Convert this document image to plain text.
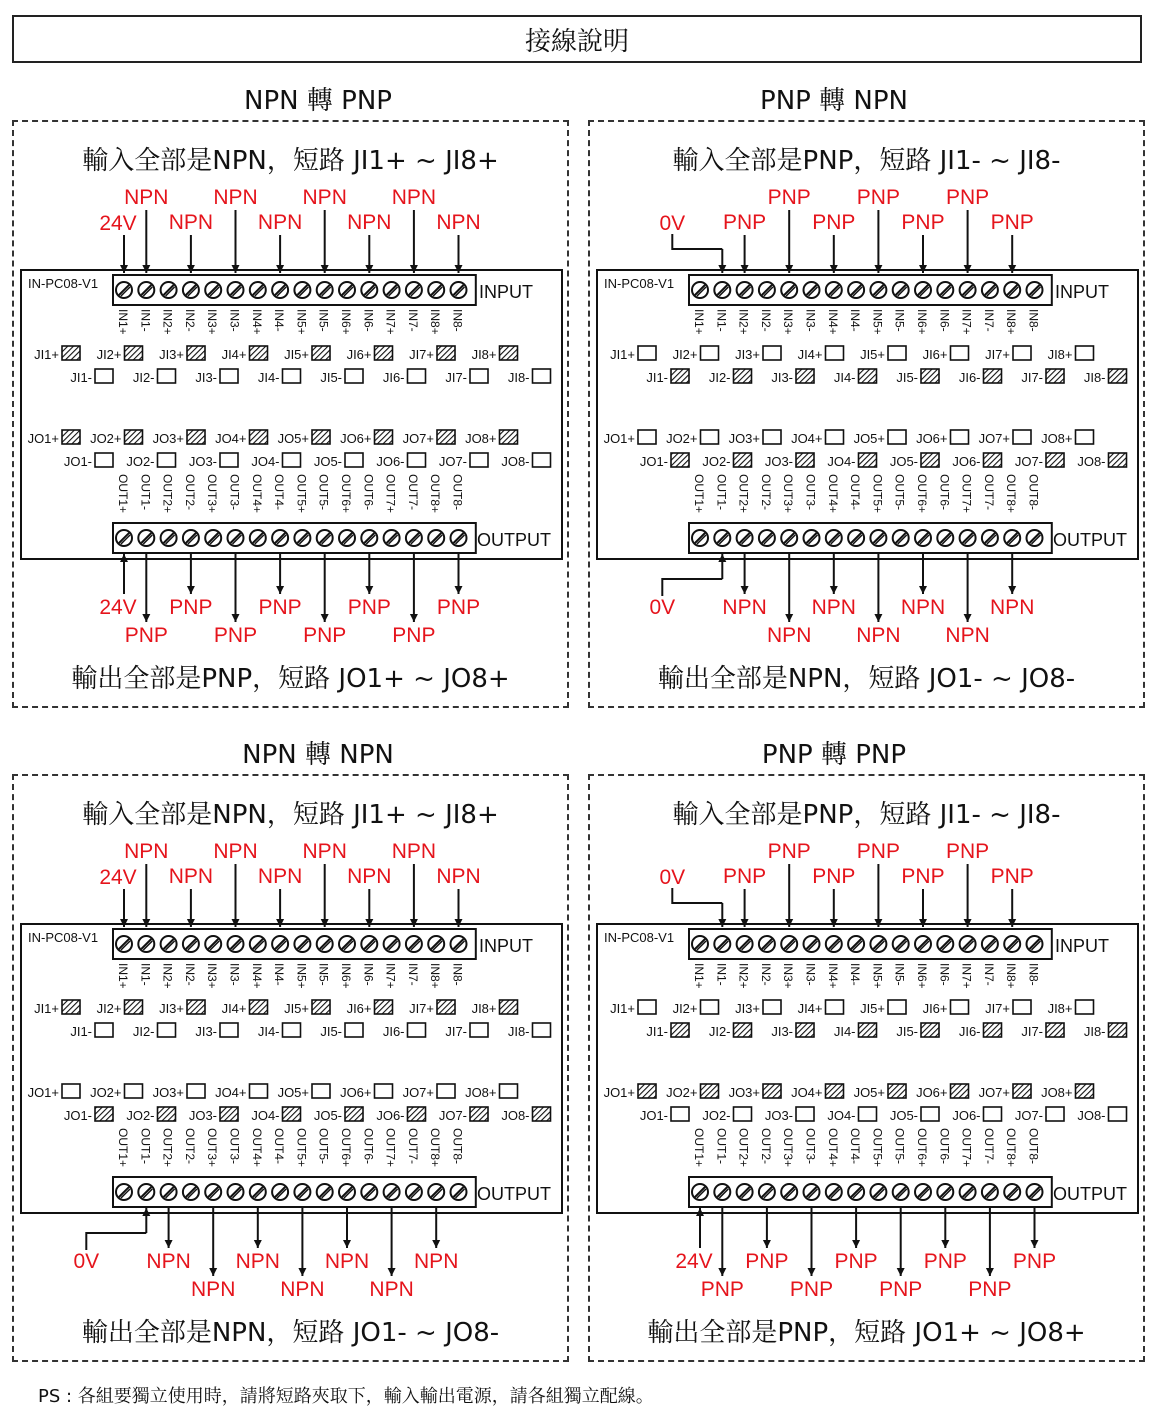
接線說明
NPN 轉 PNP	PNP 轉 NPN
NPN 轉 NPN	PNP 轉 PNP
IN-PC08-V1	INPUT
IN1+ IN1- IN2+ IN2- IN3+ IN3- IN4+ IN4- IN5+ IN5- IN6+ IN6- IN7+ IN7- IN8+ IN8-
OUTPUT
OUT1+ OUT1- OUT2+ OUT2- OUT3+ OUT3- OUT4+ OUT4- OUT5+ OUT5- OUT6+ OUT6- OUT7+ OUT7- OUT8+ OUT8-
JI1+
JI1-
JO1+
JO1-
JI2+
JI2-
JO2+
JO2-
JI3+
JI3-
JO3+
JO3-
JI4+
JI4-
JO4+
JO4-
JI5+
JI5-
JO5+
JO5-
JI6+
JI6-
JO6+
JO6-
JI7+
JI7-
JO7+
JO7-
JI8+
JI8-
JO8+
JO8-
NPN
NPN
NPN
NPN
NPN
NPN
NPN
NPN
24V
PNP
PNP
PNP
PNP
PNP
PNP
PNP
PNP
24V
輸入全部是NPN，短路 JI1+ ~ JI8+
輸出全部是PNP，短路 JO1+ ~ JO8+
IN-PC08-V1	INPUT
IN1+ IN1- IN2+ IN2- IN3+ IN3- IN4+ IN4- IN5+ IN5- IN6+ IN6- IN7+ IN7- IN8+ IN8-
OUTPUT
OUT1+ OUT1- OUT2+ OUT2- OUT3+ OUT3- OUT4+ OUT4- OUT5+ OUT5- OUT6+ OUT6- OUT7+ OUT7- OUT8+ OUT8-
JI1+
JI1-
JO1+
JO1-
JI2+
JI2-
JO2+
JO2-
JI3+
JI3-
JO3+
JO3-
JI4+
JI4-
JO4+
JO4-
JI5+
JI5-
JO5+
JO5-
JI6+
JI6-
JO6+
JO6-
JI7+
JI7-
JO7+
JO7-
JI8+
JI8-
JO8+
JO8-
PNP
PNP
PNP
PNP
PNP
PNP
PNP
0V
NPN
NPN
NPN
NPN
NPN
NPN
NPN
0V
輸入全部是PNP，短路 JI1- ~ JI8-
輸出全部是NPN，短路 JO1- ~ JO8-
IN-PC08-V1	INPUT
IN1+ IN1- IN2+ IN2- IN3+ IN3- IN4+ IN4- IN5+ IN5- IN6+ IN6- IN7+ IN7- IN8+ IN8-
OUTPUT
OUT1+ OUT1- OUT2+ OUT2- OUT3+ OUT3- OUT4+ OUT4- OUT5+ OUT5- OUT6+ OUT6- OUT7+ OUT7- OUT8+ OUT8-
JI1+
JI1-
JO1+
JO1-
JI2+
JI2-
JO2+
JO2-
JI3+
JI3-
JO3+
JO3-
JI4+
JI4-
JO4+
JO4-
JI5+
JI5-
JO5+
JO5-
JI6+
JI6-
JO6+
JO6-
JI7+
JI7-
JO7+
JO7-
JI8+
JI8-
JO8+
JO8-
NPN
NPN
NPN
NPN
NPN
NPN
NPN
NPN
24V
NPN
NPN
NPN
NPN
NPN
NPN
NPN
0V
輸入全部是NPN，短路 JI1+ ~ JI8+
輸出全部是NPN，短路 JO1- ~ JO8-
IN-PC08-V1	INPUT
IN1+ IN1- IN2+ IN2- IN3+ IN3- IN4+ IN4- IN5+ IN5- IN6+ IN6- IN7+ IN7- IN8+ IN8-
OUTPUT
OUT1+ OUT1- OUT2+ OUT2- OUT3+ OUT3- OUT4+ OUT4- OUT5+ OUT5- OUT6+ OUT6- OUT7+ OUT7- OUT8+ OUT8-
JI1+
JI1-
JO1+
JO1-
JI2+
JI2-
JO2+
JO2-
JI3+
JI3-
JO3+
JO3-
JI4+
JI4-
JO4+
JO4-
JI5+
JI5-
JO5+
JO5-
JI6+
JI6-
JO6+
JO6-
JI7+
JI7-
JO7+
JO7-
JI8+
JI8-
JO8+
JO8-
PNP
PNP
PNP
PNP
PNP
PNP
PNP
0V
PNP
PNP
PNP
PNP
PNP
PNP
PNP
PNP
24V
輸入全部是PNP，短路 JI1- ~ JI8-
輸出全部是PNP，短路 JO1+ ~ JO8+
PS : 各組要獨立使用時，請將短路夾取下，輸入輸出電源，請各組獨立配線。
